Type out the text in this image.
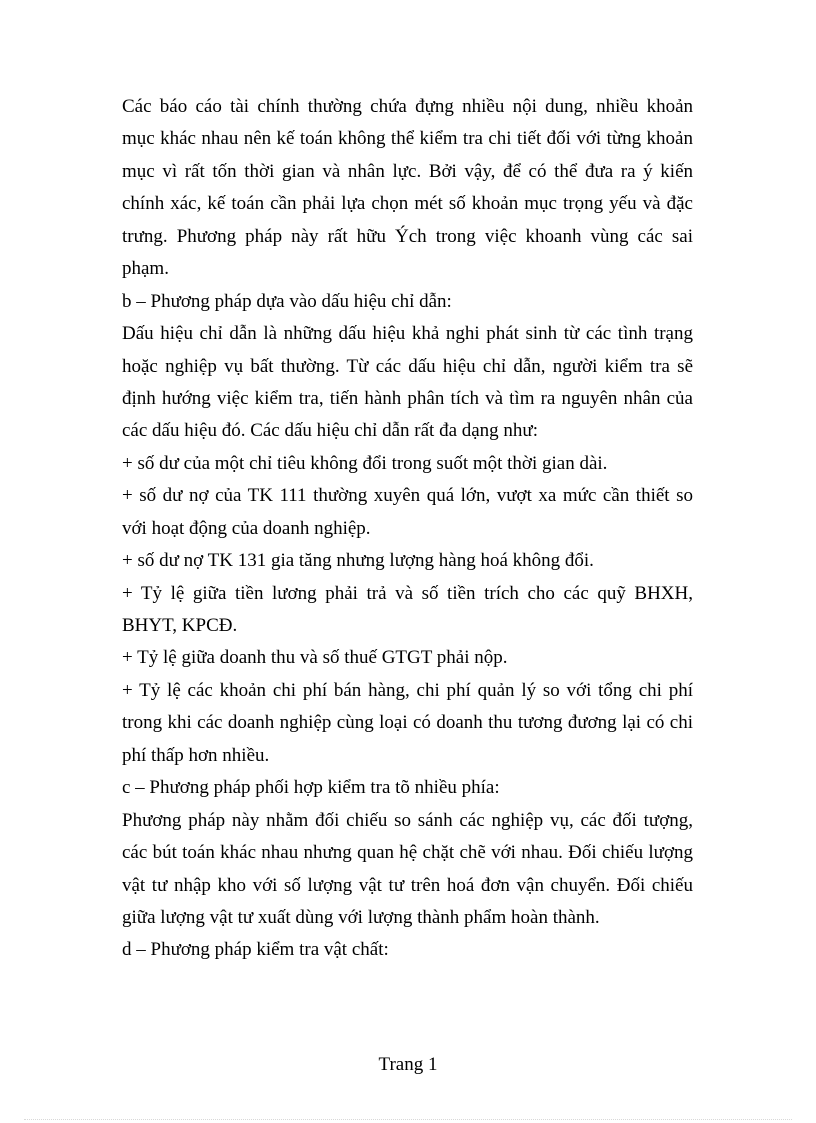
Các báo cáo tài chính thường chứa đựng nhiều nội dung, nhiều khoản
mục khác nhau nên kế toán không thể kiểm tra chi tiết đối với từng khoản
mục vì rất tốn thời gian và nhân lực. Bởi vậy, để có thể đưa ra ý kiến
chính xác, kế toán cần phải lựa chọn mét số khoản mục trọng yếu và đặc
trưng. Phương pháp này rất hữu Ých trong việc khoanh vùng các sai
phạm.
b – Phương pháp dựa vào dấu hiệu chỉ dẫn:
Dấu hiệu chỉ dẫn là những dấu hiệu khả nghi phát sinh từ các tình trạng
hoặc nghiệp vụ bất thường. Từ các dấu hiệu chỉ dẫn, người kiểm tra sẽ
định hướng việc kiểm tra, tiến hành phân tích và tìm ra nguyên nhân của
các dấu hiệu đó. Các dấu hiệu chỉ dẫn rất đa dạng như:
+ số dư của một chỉ tiêu không đổi trong suốt một thời gian dài.
+ số dư nợ của TK 111 thường xuyên quá lớn, vượt xa mức cần thiết so
với hoạt động của doanh nghiệp.
+ số dư nợ TK 131 gia tăng nhưng lượng hàng hoá không đổi.
+ Tỷ lệ giữa tiền lương phải trả và số tiền trích cho các quỹ BHXH,
BHYT, KPCĐ.
+ Tỷ lệ giữa doanh thu và số thuế GTGT phải nộp.
+ Tỷ lệ các khoản chi phí bán hàng, chi phí quản lý so với tổng chi phí
trong khi các doanh nghiệp cùng loại có doanh thu tương đương lại có chi
phí thấp hơn nhiều.
c – Phương pháp phối hợp kiểm tra tõ nhiều phía:
Phương pháp này nhằm đối chiếu so sánh các nghiệp vụ, các đối tượng,
các bút toán khác nhau nhưng quan hệ chặt chẽ với nhau. Đối chiếu lượng
vật tư nhập kho với số lượng vật tư trên hoá đơn vận chuyển. Đối chiếu
giữa lượng vật tư xuất dùng với lượng thành phẩm hoàn thành.
d – Phương pháp kiểm tra vật chất:
Trang 1
